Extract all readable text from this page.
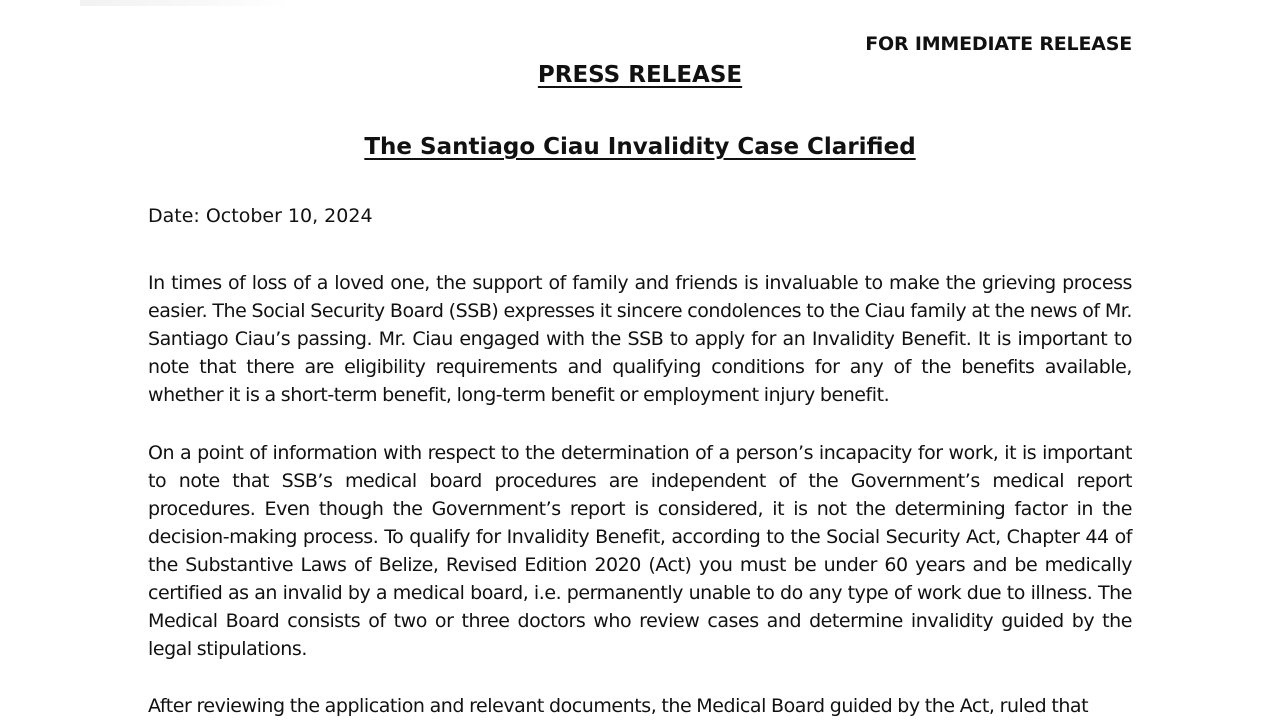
FOR IMMEDIATE RELEASE
PRESS RELEASE
The Santiago Ciau Invalidity Case Clarified
Date: October 10, 2024
In times of loss of a loved one, the support of family and friends is invaluable to make the grieving process easier. The Social Security Board (SSB) expresses it sincere condolences to the Ciau family at the news of Mr. Santiago Ciau’s passing. Mr. Ciau engaged with the SSB to apply for an Invalidity Benefit. It is important to note that there are eligibility requirements and qualifying conditions for any of the benefits available, whether it is a short-term benefit, long-term benefit or employment injury benefit.
On a point of information with respect to the determination of a person’s incapacity for work, it is important to note that SSB’s medical board procedures are independent of the Government’s medical report procedures. Even though the Government’s report is considered, it is not the determining factor in the decision-making process. To qualify for Invalidity Benefit, according to the Social Security Act, Chapter 44 of the Substantive Laws of Belize, Revised Edition 2020 (Act) you must be under 60 years and be medically certified as an invalid by a medical board, i.e. permanently unable to do any type of work due to illness. The Medical Board consists of two or three doctors who review cases and determine invalidity guided by the legal stipulations.
After reviewing the application and relevant documents, the Medical Board guided by the Act, ruled that
